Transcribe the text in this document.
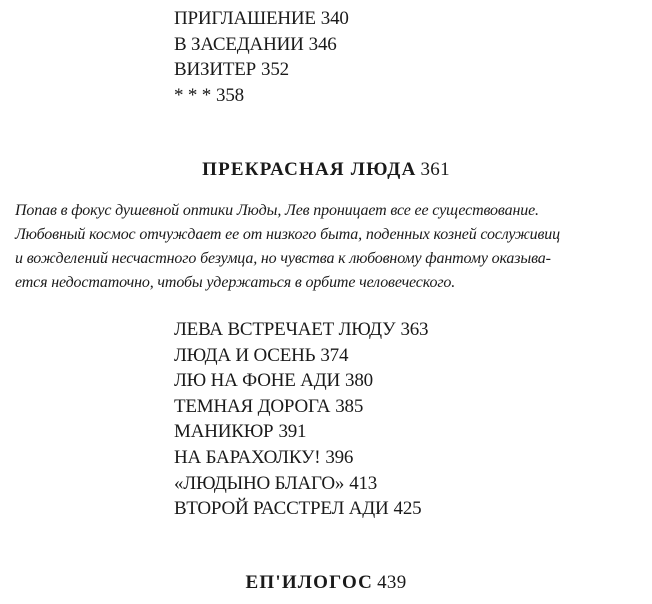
ПРИГЛАШЕНИЕ 340
В ЗАСЕДАНИИ 346
ВИЗИТЕР 352
* * * 358
ПРЕКРАСНАЯ ЛЮДА 361

Попав в фокус душевной оптики Люды, Лев проницает все ее существование.
Любовный космос отчуждает ее от низкого быта, поденных козней сослуживиц
и вожделений несчастного безумца, но чувства к любовному фантому оказыва-
ется недостаточно, чтобы удержаться в орбите человеческого.

ЛЕВА ВСТРЕЧАЕТ ЛЮДУ 363
ЛЮДА И ОСЕНЬ 374
ЛЮ НА ФОНЕ АДИ 380
ТЕМНАЯ ДОРОГА 385
МАНИКЮР 391
НА БАРАХОЛКУ! 396
«ЛЮДЫНО БЛАГО» 413
ВТОРОЙ РАССТРЕЛ АДИ 425
ЕП'ИЛОГОС 439
